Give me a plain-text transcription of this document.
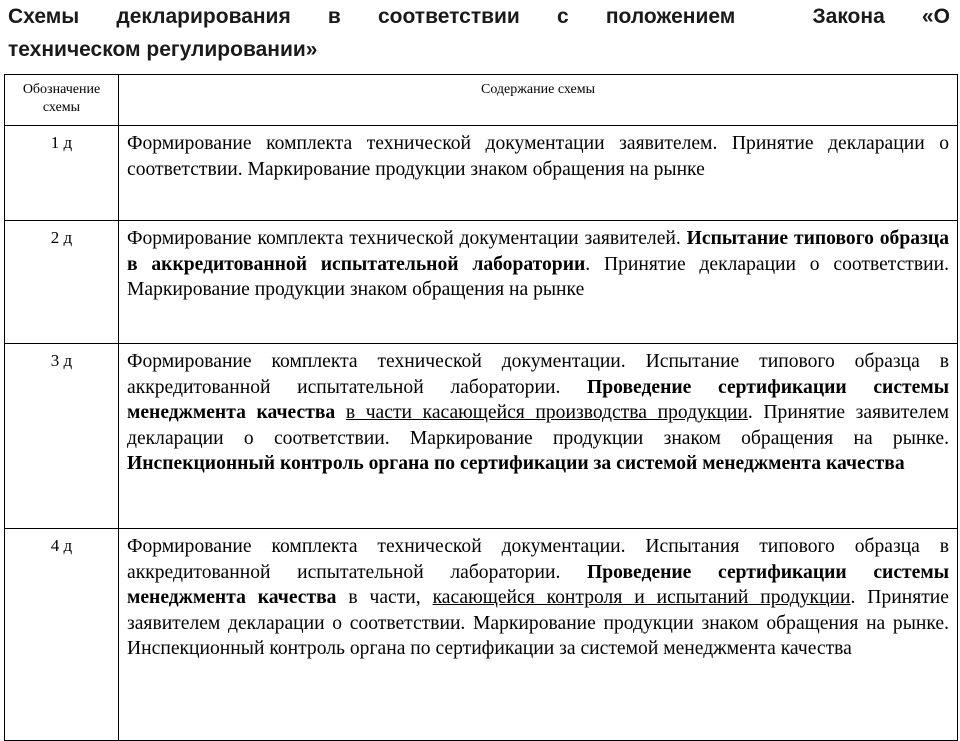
Схемы декларирования в соответствии с положением	Закона «О
техническом регулировании»
Обозначение схемы	Содержание схемы
1 д	Формирование комплекта технической документации заявителем. Принятие декларации о соответствии. Маркирование продукции знаком обращения на рынке
2 д	Формирование комплекта технической документации заявителей. Испытание типового образца в аккредитованной испытательной лаборатории. Принятие декларации о соответствии. Маркирование продукции знаком обращения на рынке
3 д	Формирование комплекта технической документации. Испытание типового образца в аккредитованной испытательной лаборатории. Проведение сертификации системы менеджмента качества в части касающейся производства продукции. Принятие заявителем декларации о соответствии. Маркирование продукции знаком обращения на рынке. Инспекционный контроль органа по сертификации за системой менеджмента качества
4 д	Формирование комплекта технической документации. Испытания типового образца в аккредитованной испытательной лаборатории. Проведение сертификации системы менеджмента качества в части, касающейся контроля и испытаний продукции. Принятие заявителем декларации о соответствии. Маркирование продукции знаком обращения на рынке. Инспекционный контроль органа по сертификации за системой менеджмента качества
